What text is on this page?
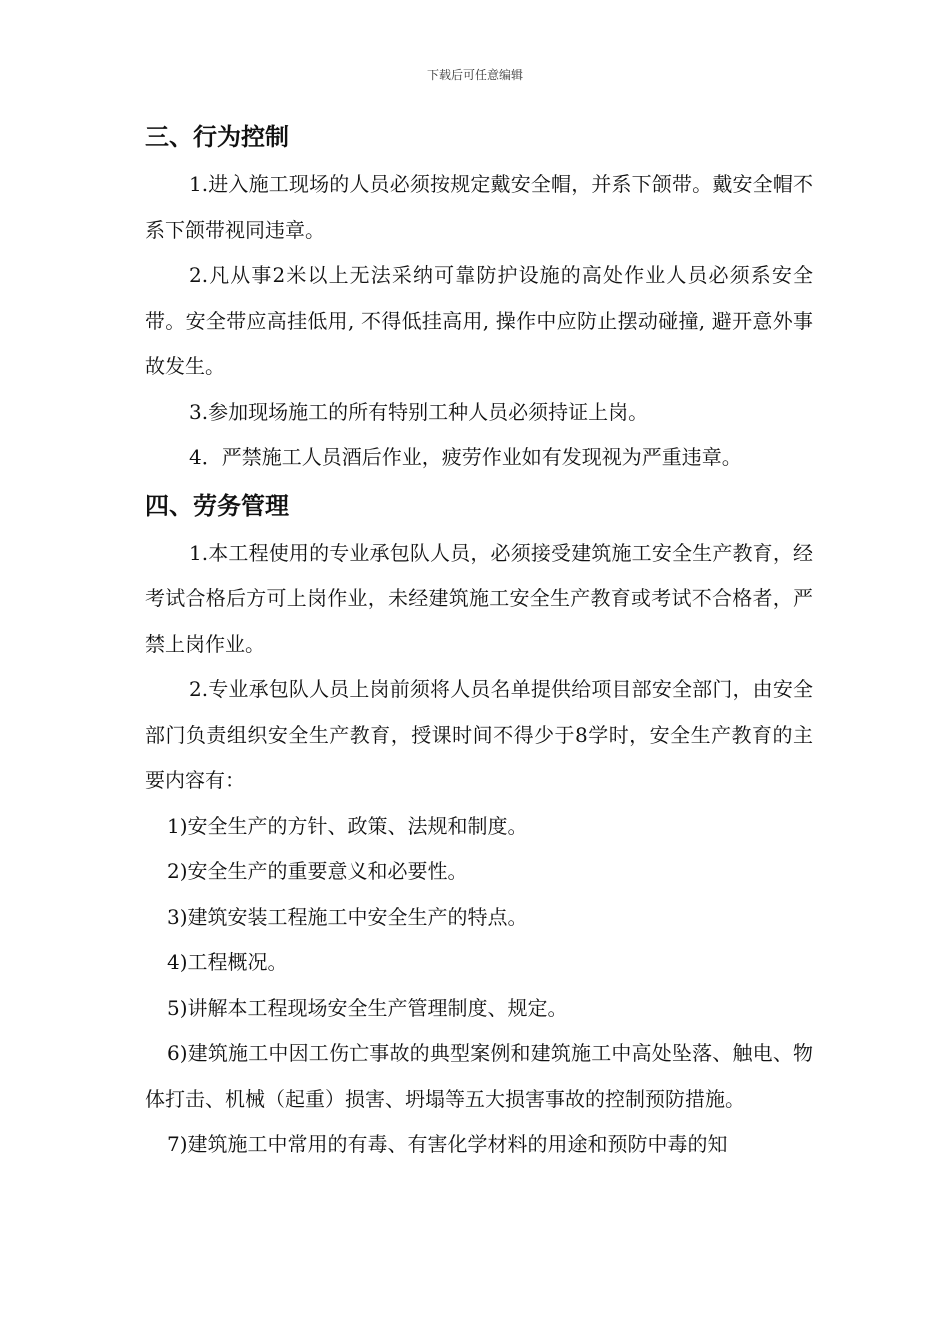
下载后可任意编辑
三、行为控制

1.进入施工现场的人员必须按规定戴安全帽，并系下颌带。戴安全帽不系下颌带视同违章。

2.凡从事2米以上无法采纳可靠防护设施的高处作业人员必须系安全带。安全带应高挂低用, 不得低挂高用, 操作中应防止摆动碰撞, 避开意外事故发生。

3.参加现场施工的所有特别工种人员必须持证上岗。

4．严禁施工人员酒后作业，疲劳作业如有发现视为严重违章。

四、劳务管理

1.本工程使用的专业承包队人员，必须接受建筑施工安全生产教育，经考试合格后方可上岗作业，未经建筑施工安全生产教育或考试不合格者，严禁上岗作业。

2.专业承包队人员上岗前须将人员名单提供给项目部安全部门，由安全部门负责组织安全生产教育，授课时间不得少于8学时，安全生产教育的主要内容有：

1)安全生产的方针、政策、法规和制度。

2)安全生产的重要意义和必要性。

3)建筑安装工程施工中安全生产的特点。

4)工程概况。

5)讲解本工程现场安全生产管理制度、规定。

6)建筑施工中因工伤亡事故的典型案例和建筑施工中高处坠落、触电、物体打击、机械（起重）损害、坍塌等五大损害事故的控制预防措施。

7)建筑施工中常用的有毒、有害化学材料的用途和预防中毒的知
